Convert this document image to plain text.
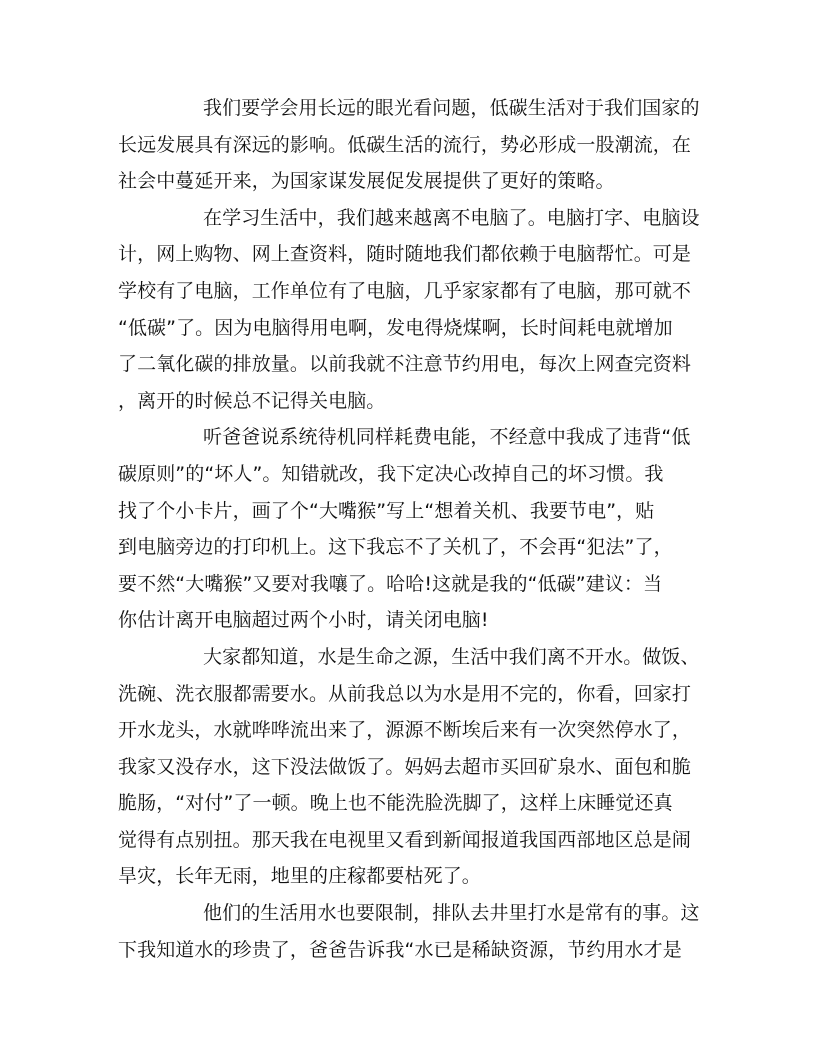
我们要学会用长远的眼光看问题，低碳生活对于我们国家的
长远发展具有深远的影响。低碳生活的流行，势必形成一股潮流，在
社会中蔓延开来，为国家谋发展促发展提供了更好的策略。
在学习生活中，我们越来越离不电脑了。电脑打字、电脑设
计，网上购物、网上查资料，随时随地我们都依赖于电脑帮忙。可是
学校有了电脑，工作单位有了电脑，几乎家家都有了电脑，那可就不
“低碳”了。因为电脑得用电啊，发电得烧煤啊，长时间耗电就增加
了二氧化碳的排放量。以前我就不注意节约用电，每次上网查完资料
，离开的时候总不记得关电脑。
听爸爸说系统待机同样耗费电能，不经意中我成了违背“低
碳原则”的“坏人”。知错就改，我下定决心改掉自己的坏习惯。我
找了个小卡片，画了个“大嘴猴”写上“想着关机、我要节电”，贴
到电脑旁边的打印机上。这下我忘不了关机了，不会再“犯法”了，
要不然“大嘴猴”又要对我嚷了。哈哈!这就是我的“低碳”建议：当
你估计离开电脑超过两个小时，请关闭电脑!
大家都知道，水是生命之源，生活中我们离不开水。做饭、
洗碗、洗衣服都需要水。从前我总以为水是用不完的，你看，回家打
开水龙头，水就哗哗流出来了，源源不断埃后来有一次突然停水了，
我家又没存水，这下没法做饭了。妈妈去超市买回矿泉水、面包和脆
脆肠，“对付”了一顿。晚上也不能洗脸洗脚了，这样上床睡觉还真
觉得有点别扭。那天我在电视里又看到新闻报道我国西部地区总是闹
旱灾，长年无雨，地里的庄稼都要枯死了。
他们的生活用水也要限制，排队去井里打水是常有的事。这
下我知道水的珍贵了，爸爸告诉我“水已是稀缺资源，节约用水才是
